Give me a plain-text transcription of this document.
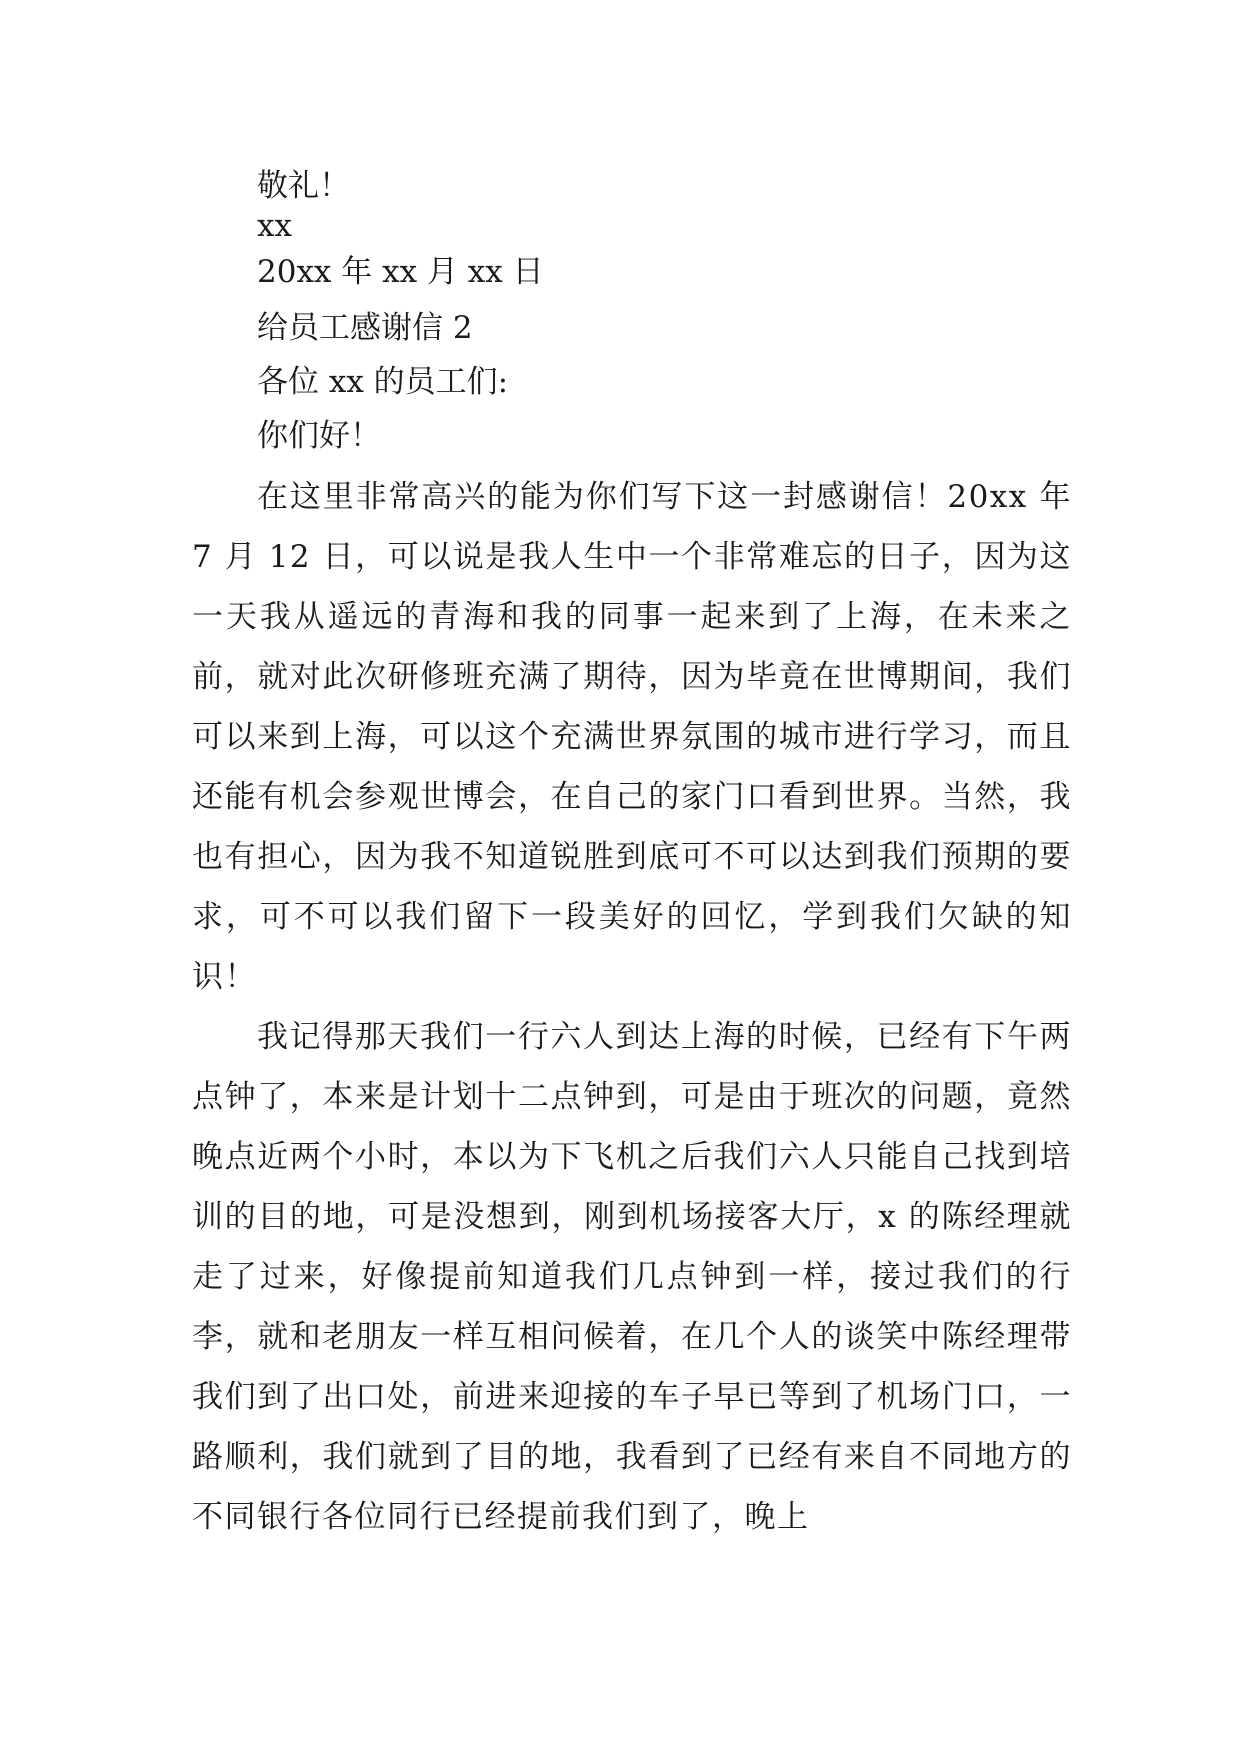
敬礼！

xx

20xx 年 xx 月 xx 日

给员工感谢信 2

各位 xx 的员工们:

你们好！

在这里非常高兴的能为你们写下这一封感谢信！20xx 年 7 月 12 日，可以说是我人生中一个非常难忘的日子，因为这一天我从遥远的青海和我的同事一起来到了上海，在未来之前，就对此次研修班充满了期待，因为毕竟在世博期间，我们可以来到上海，可以这个充满世界氛围的城市进行学习，而且还能有机会参观世博会，在自己的家门口看到世界。当然，我也有担心，因为我不知道锐胜到底可不可以达到我们预期的要求，可不可以我们留下一段美好的回忆，学到我们欠缺的知识！

我记得那天我们一行六人到达上海的时候，已经有下午两点钟了，本来是计划十二点钟到，可是由于班次的问题，竟然晚点近两个小时，本以为下飞机之后我们六人只能自己找到培训的目的地，可是没想到，刚到机场接客大厅，x 的陈经理就走了过来，好像提前知道我们几点钟到一样，接过我们的行李，就和老朋友一样互相问候着，在几个人的谈笑中陈经理带我们到了出口处，前进来迎接的车子早已等到了机场门口，一路顺利，我们就到了目的地，我看到了已经有来自不同地方的不同银行各位同行已经提前我们到了，晚上
